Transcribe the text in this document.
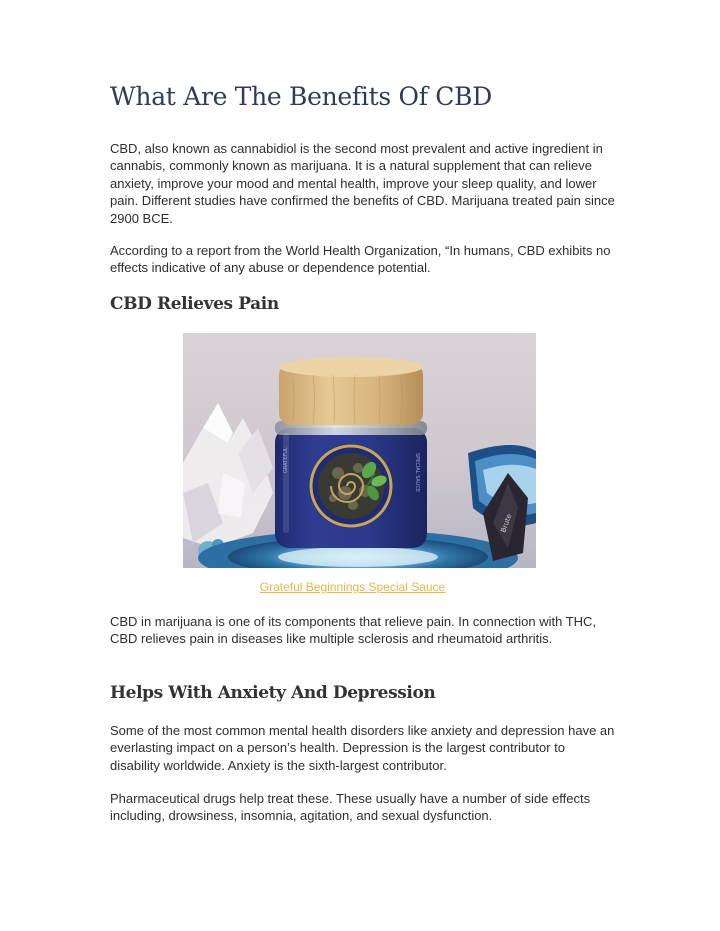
What Are The Benefits Of CBD

CBD, also known as cannabidiol is the second most prevalent and active ingredient in cannabis, commonly known as marijuana. It is a natural supplement that can relieve anxiety, improve your mood and mental health, improve your sleep quality, and lower pain. Different studies have confirmed the benefits of CBD. Marijuana treated pain since 2900 BCE.

According to a report from the World Health Organization, “In humans, CBD exhibits no effects indicative of any abuse or dependence potential.

CBD Relieves Pain

CBD in marijuana is one of its components that relieve pain. In connection with THC, CBD relieves pain in diseases like multiple sclerosis and rheumatoid arthritis.

Helps With Anxiety And Depression

Some of the most common mental health disorders like anxiety and depression have an everlasting impact on a person’s health. Depression is the largest contributor to disability worldwide. Anxiety is the sixth-largest contributor.

Pharmaceutical drugs help treat these. These usually have a number of side effects including, drowsiness, insomnia, agitation, and sexual dysfunction.

Brute
GRATEFUL	SPECIAL SAUCE
Grateful Beginnings Special Sauce
